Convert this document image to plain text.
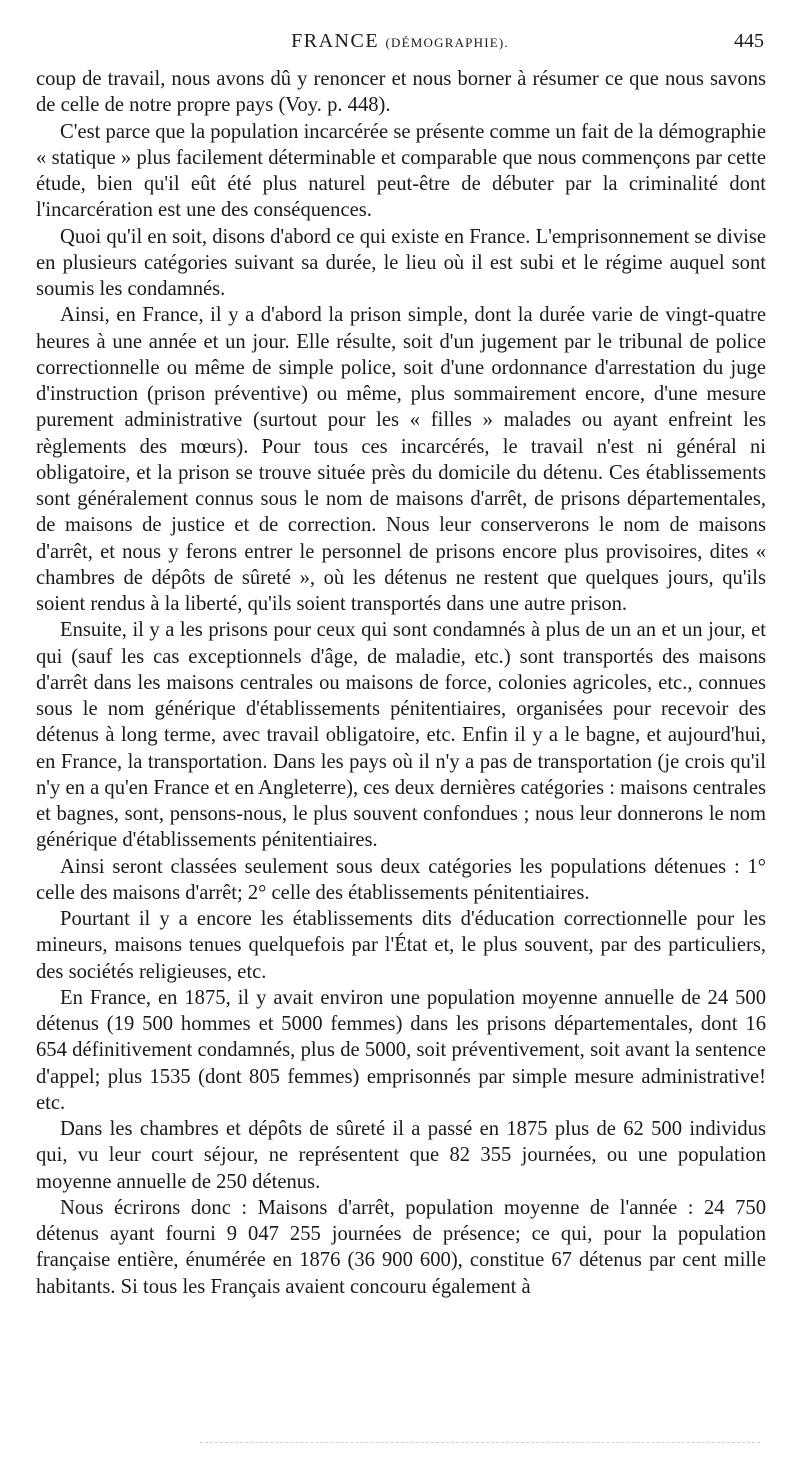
FRANCE (DÉMOGRAPHIE).	445

coup de travail, nous avons dû y renoncer et nous borner à résumer ce que nous savons de celle de notre propre pays (Voy. p. 448).

C'est parce que la population incarcérée se présente comme un fait de la démographie « statique » plus facilement déterminable et comparable que nous commençons par cette étude, bien qu'il eût été plus naturel peut-être de débuter par la criminalité dont l'incarcération est une des conséquences.

Quoi qu'il en soit, disons d'abord ce qui existe en France. L'emprisonnement se divise en plusieurs catégories suivant sa durée, le lieu où il est subi et le régime auquel sont soumis les condamnés.

Ainsi, en France, il y a d'abord la prison simple, dont la durée varie de vingt-quatre heures à une année et un jour. Elle résulte, soit d'un jugement par le tribunal de police correctionnelle ou même de simple police, soit d'une ordonnance d'arrestation du juge d'instruction (prison préventive) ou même, plus sommairement encore, d'une mesure purement administrative (surtout pour les « filles » malades ou ayant enfreint les règlements des mœurs). Pour tous ces incarcérés, le travail n'est ni général ni obligatoire, et la prison se trouve située près du domicile du détenu. Ces établissements sont généralement connus sous le nom de maisons d'arrêt, de prisons départementales, de maisons de justice et de correction. Nous leur conserverons le nom de maisons d'arrêt, et nous y ferons entrer le personnel de prisons encore plus provisoires, dites « chambres de dépôts de sûreté », où les détenus ne restent que quelques jours, qu'ils soient rendus à la liberté, qu'ils soient transportés dans une autre prison.

Ensuite, il y a les prisons pour ceux qui sont condamnés à plus de un an et un jour, et qui (sauf les cas exceptionnels d'âge, de maladie, etc.) sont transportés des maisons d'arrêt dans les maisons centrales ou maisons de force, colonies agricoles, etc., connues sous le nom générique d'établissements pénitentiaires, organisées pour recevoir des détenus à long terme, avec travail obligatoire, etc. Enfin il y a le bagne, et aujourd'hui, en France, la transportation. Dans les pays où il n'y a pas de transportation (je crois qu'il n'y en a qu'en France et en Angleterre), ces deux dernières catégories : maisons centrales et bagnes, sont, pensons-nous, le plus souvent confondues ; nous leur donnerons le nom générique d'établissements pénitentiaires.

Ainsi seront classées seulement sous deux catégories les populations détenues : 1° celle des maisons d'arrêt; 2° celle des établissements pénitentiaires.

Pourtant il y a encore les établissements dits d'éducation correctionnelle pour les mineurs, maisons tenues quelquefois par l'État et, le plus souvent, par des particuliers, des sociétés religieuses, etc.

En France, en 1875, il y avait environ une population moyenne annuelle de 24 500 détenus (19 500 hommes et 5000 femmes) dans les prisons départementales, dont 16 654 définitivement condamnés, plus de 5000, soit préventivement, soit avant la sentence d'appel; plus 1535 (dont 805 femmes) emprisonnés par simple mesure administrative! etc.

Dans les chambres et dépôts de sûreté il a passé en 1875 plus de 62 500 individus qui, vu leur court séjour, ne représentent que 82 355 journées, ou une population moyenne annuelle de 250 détenus.

Nous écrirons donc : Maisons d'arrêt, population moyenne de l'année : 24 750 détenus ayant fourni 9 047 255 journées de présence; ce qui, pour la population française entière, énumérée en 1876 (36 900 600), constitue 67 détenus par cent mille habitants. Si tous les Français avaient concouru également à
